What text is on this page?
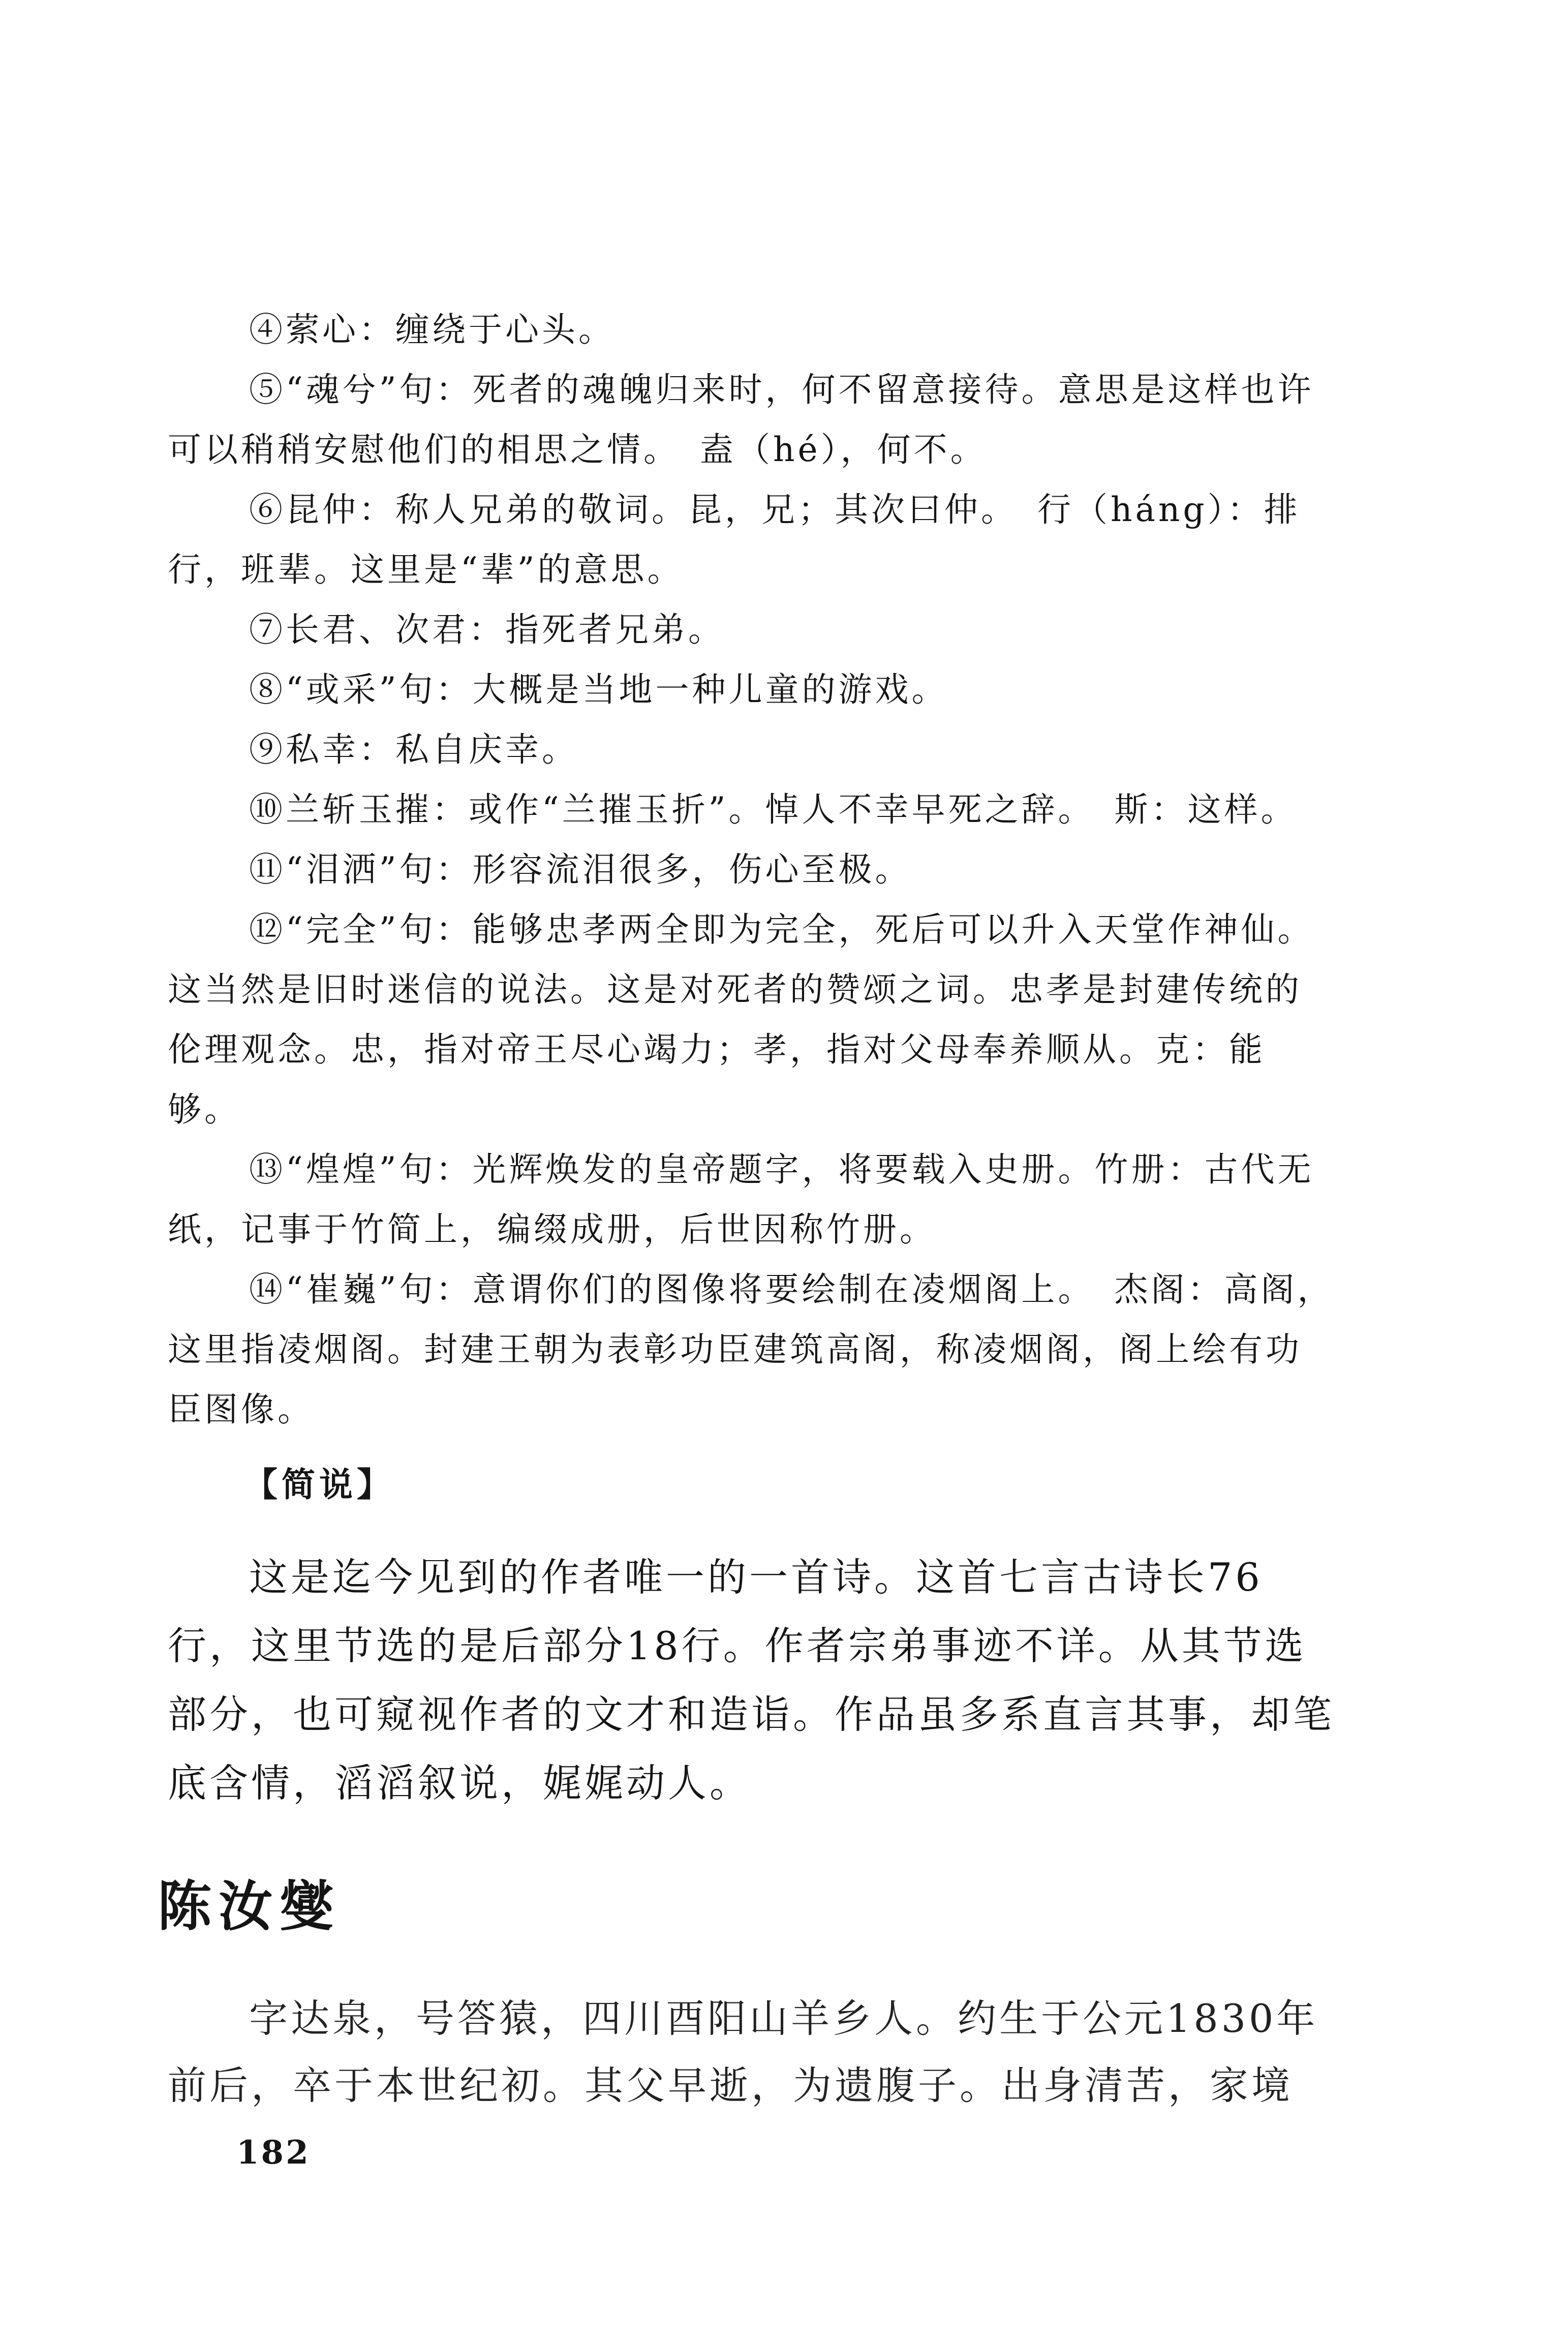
④萦心：缠绕于心头。

⑤“魂兮”句：死者的魂魄归来时，何不留意接待。意思是这样也许可以稍稍安慰他们的相思之情。　盍（hé），何不。

⑥昆仲：称人兄弟的敬词。昆，兄；其次曰仲。　行（háng）：排行，班辈。这里是“辈”的意思。

⑦长君、次君：指死者兄弟。

⑧“或采”句：大概是当地一种儿童的游戏。

⑨私幸：私自庆幸。

⑩兰斩玉摧：或作“兰摧玉折”。悼人不幸早死之辞。　斯：这样。

⑪“泪洒”句：形容流泪很多，伤心至极。

⑫“完全”句：能够忠孝两全即为完全，死后可以升入天堂作神仙。这当然是旧时迷信的说法。这是对死者的赞颂之词。忠孝是封建传统的伦理观念。忠，指对帝王尽心竭力；孝，指对父母奉养顺从。克：能够。

⑬“煌煌”句：光辉焕发的皇帝题字，将要载入史册。竹册：古代无纸，记事于竹简上，编缀成册，后世因称竹册。

⑭“崔巍”句：意谓你们的图像将要绘制在凌烟阁上。　杰阁：高阁，这里指凌烟阁。封建王朝为表彰功臣建筑高阁，称凌烟阁，阁上绘有功臣图像。

【简说】

这是迄今见到的作者唯一的一首诗。这首七言古诗长76行，这里节选的是后部分18行。作者宗弟事迹不详。从其节选部分，也可窥视作者的文才和造诣。作品虽多系直言其事，却笔底含情，滔滔叙说，娓娓动人。

陈汝燮

字达泉，号答猿，四川酉阳山羊乡人。约生于公元1830年前后，卒于本世纪初。其父早逝，为遗腹子。出身清苦，家境

182
